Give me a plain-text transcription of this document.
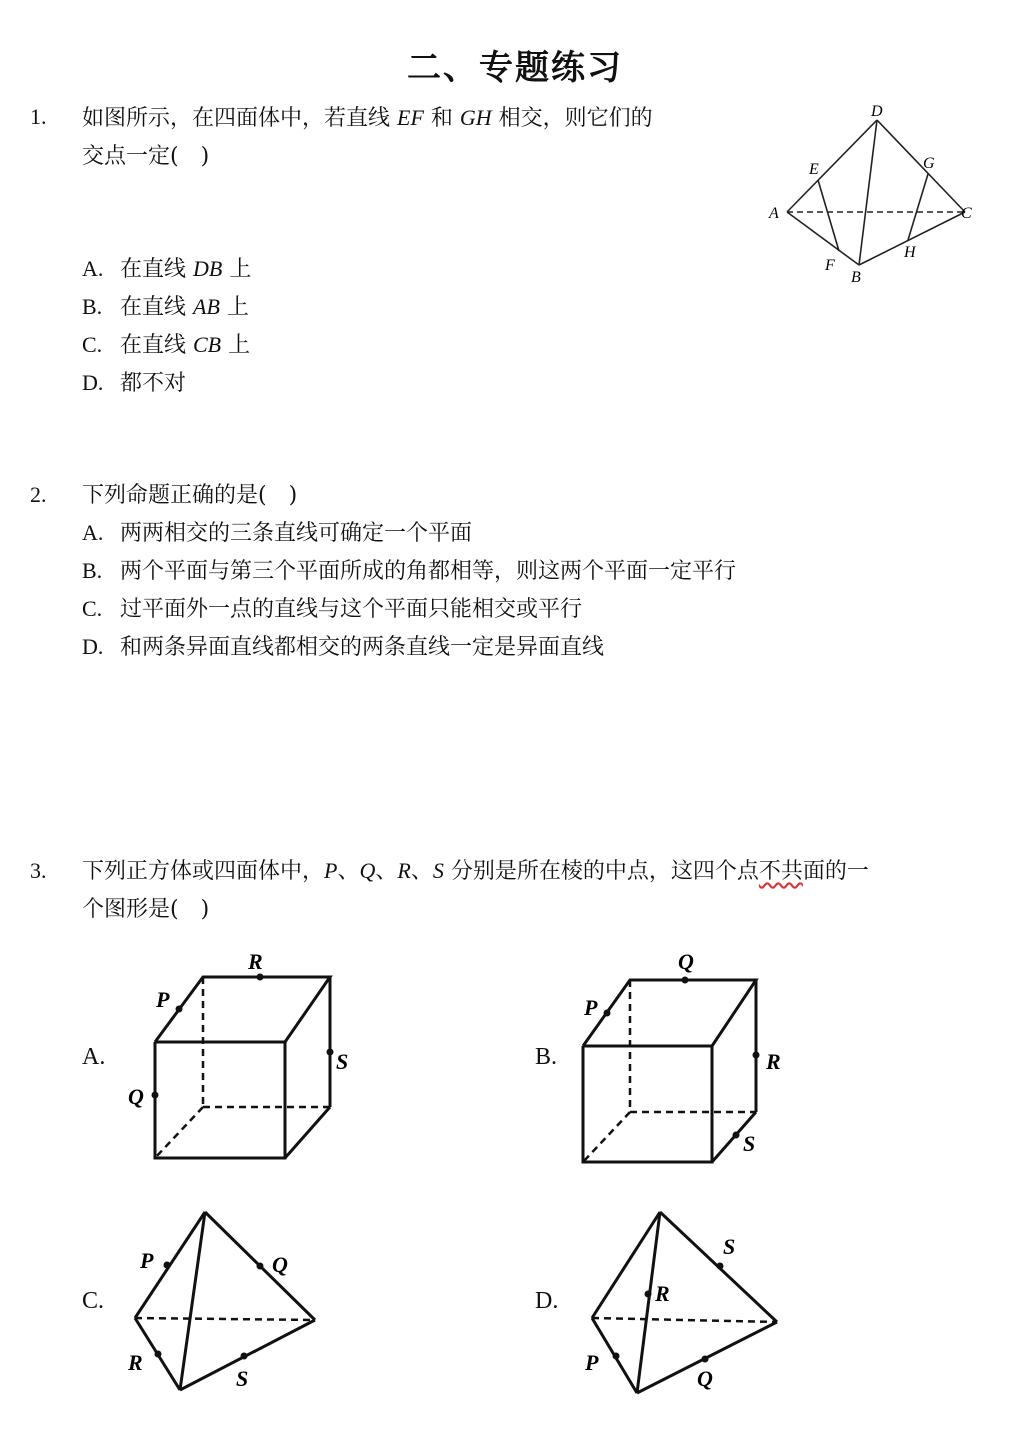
二、专题练习
1. 如图所示，在四面体中，若直线 EF 和 GH 相交，则它们的
交点一定(　)
A. 在直线 DB 上
B. 在直线 AB 上
C. 在直线 CB 上
D. 都不对
D
E	G
A	C
F
B
H
2. 下列命题正确的是(　)
A. 两两相交的三条直线可确定一个平面
B. 两个平面与第三个平面所成的角都相等，则这两个平面一定平行
C. 过平面外一点的直线与这个平面只能相交或平行
D. 和两条异面直线都相交的两条直线一定是异面直线
3. 下列正方体或四面体中，P、Q、R、S 分别是所在棱的中点，这四个点不共面的一
个图形是(　)
A.	B.
C.	D.
R
P
S
Q
Q
P
R
S
P	Q
R
S
R
S
P
Q
